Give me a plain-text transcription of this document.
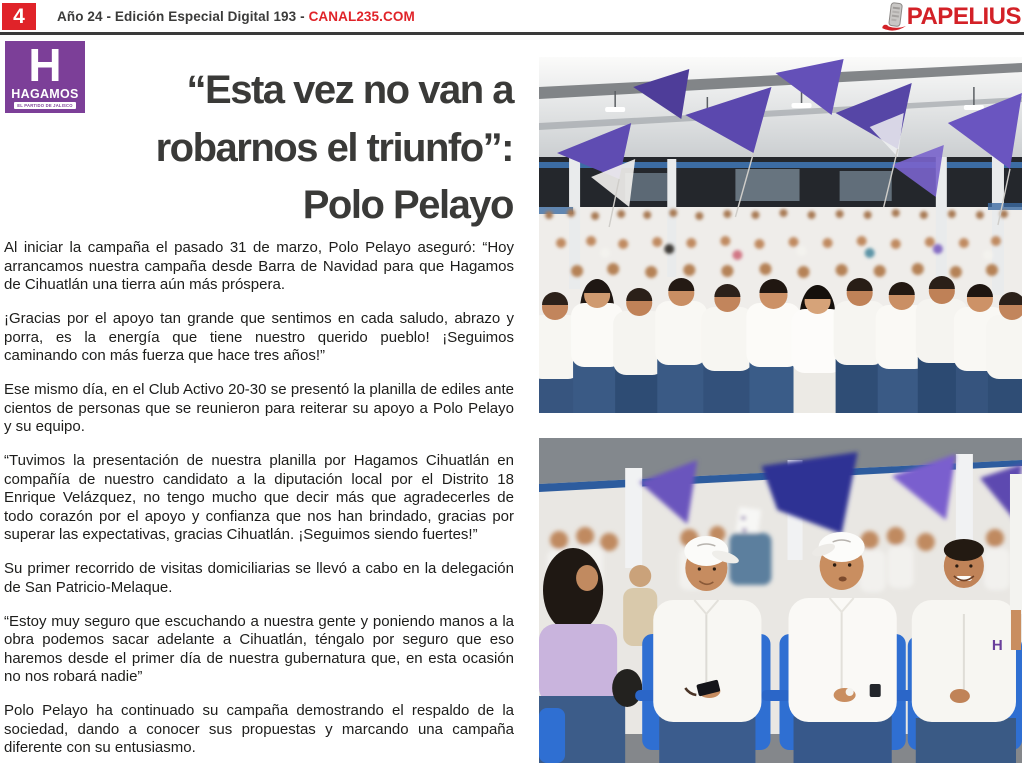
4	Año 24 - Edición Especial Digital 193 - CANAL235.COM	PAPELIUS
H
HAGAMOS
EL PARTIDO DE JALISCO	“Esta vez no van a
robarnos el triunfo”:
Polo Pelayo

Al iniciar la campaña el pasado 31 de marzo, Polo Pelayo aseguró: “Hoy arrancamos nuestra campaña desde Barra de Navidad para que Hagamos de Cihuatlán una tierra aún más próspera.

¡Gracias por el apoyo tan grande que sentimos en cada saludo, abrazo y porra, es la energía que tiene nuestro querido pueblo! ¡Seguimos caminando con más fuerza que hace tres años!”

Ese mismo día, en el Club Activo 20-30 se presentó la planilla de ediles ante cientos de personas que se reunieron para reiterar su apoyo a Polo Pelayo y su equipo.

“Tuvimos la presentación de nuestra planilla por Hagamos Cihuatlán en compañía de nuestro candidato a la diputación local por el Distrito 18 Enrique Velázquez, no tengo mucho que decir más que agradecerles de todo corazón por el apoyo y confianza que nos han brindado, gracias por superar las expectativas, gracias Cihuatlán. ¡Seguimos siendo fuertes!”

Su primer recorrido de visitas domiciliarias se llevó a cabo en la delegación de San Patricio-Melaque.

“Estoy muy seguro que escuchando a nuestra gente y poniendo manos a la obra podemos sacar adelante a Cihuatlán, téngalo por seguro que eso haremos desde el primer día de nuestra gubernatura que, en esta ocasión no nos robará nadie”

Polo Pelayo ha continuado su campaña demostrando el respaldo de la sociedad, dando a conocer sus propuestas y marcando una campaña diferente con su entusiasmo.

H
